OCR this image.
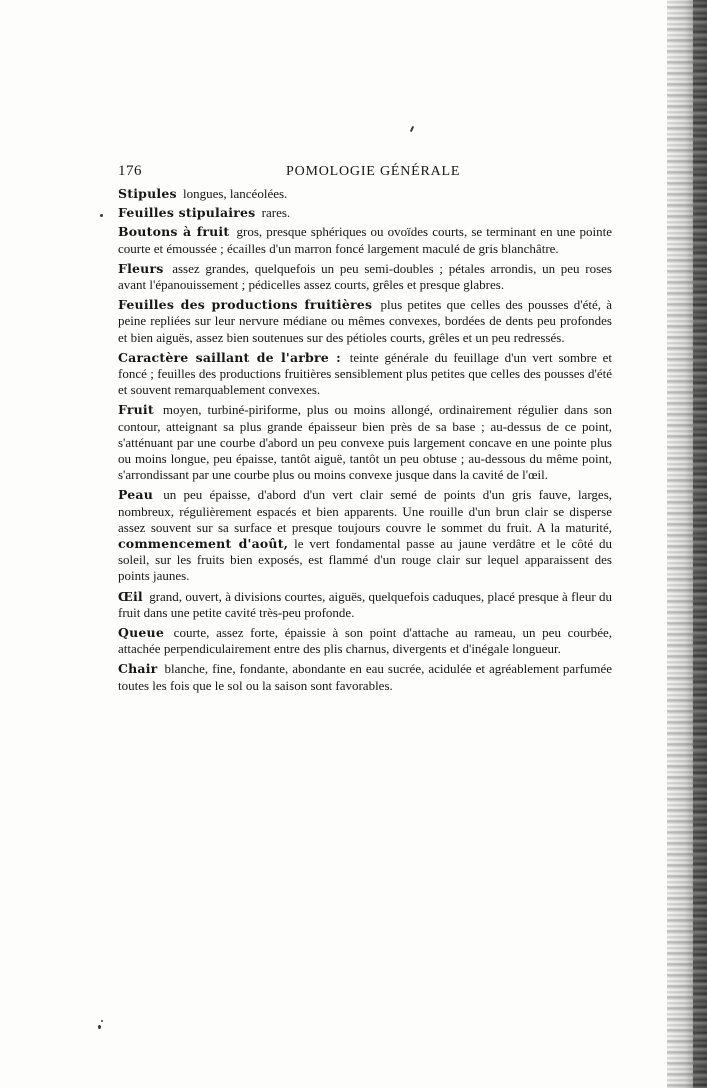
176	POMOLOGIE GÉNÉRALE

Stipules longues, lancéolées.

Feuilles stipulaires rares.

Boutons à fruit gros, presque sphériques ou ovoïdes courts, se terminant en une pointe courte et émoussée ; écailles d'un marron foncé largement maculé de gris blanchâtre.

Fleurs assez grandes, quelquefois un peu semi-doubles ; pétales arrondis, un peu roses avant l'épanouissement ; pédicelles assez courts, grêles et presque glabres.

Feuilles des productions fruitières plus petites que celles des pousses d'été, à peine repliées sur leur nervure médiane ou mêmes convexes, bordées de dents peu profondes et bien aiguës, assez bien soutenues sur des pétioles courts, grêles et un peu redressés.

Caractère saillant de l'arbre : teinte générale du feuillage d'un vert sombre et foncé ; feuilles des productions fruitières sensiblement plus petites que celles des pousses d'été et souvent remarquablement convexes.

Fruit moyen, turbiné-piriforme, plus ou moins allongé, ordinairement régulier dans son contour, atteignant sa plus grande épaisseur bien près de sa base ; au-dessus de ce point, s'atténuant par une courbe d'abord un peu convexe puis largement concave en une pointe plus ou moins longue, peu épaisse, tantôt aiguë, tantôt un peu obtuse ; au-dessous du même point, s'arrondissant par une courbe plus ou moins convexe jusque dans la cavité de l'œil.

Peau un peu épaisse, d'abord d'un vert clair semé de points d'un gris fauve, larges, nombreux, régulièrement espacés et bien apparents. Une rouille d'un brun clair se disperse assez souvent sur sa surface et presque toujours couvre le sommet du fruit. A la maturité, commencement d'août, le vert fondamental passe au jaune verdâtre et le côté du soleil, sur les fruits bien exposés, est flammé d'un rouge clair sur lequel apparaissent des points jaunes.

Œil grand, ouvert, à divisions courtes, aiguës, quelquefois caduques, placé presque à fleur du fruit dans une petite cavité très-peu profonde.

Queue courte, assez forte, épaissie à son point d'attache au rameau, un peu courbée, attachée perpendiculairement entre des plis charnus, divergents et d'inégale longueur.

Chair blanche, fine, fondante, abondante en eau sucrée, acidulée et agréablement parfumée toutes les fois que le sol ou la saison sont favorables.
